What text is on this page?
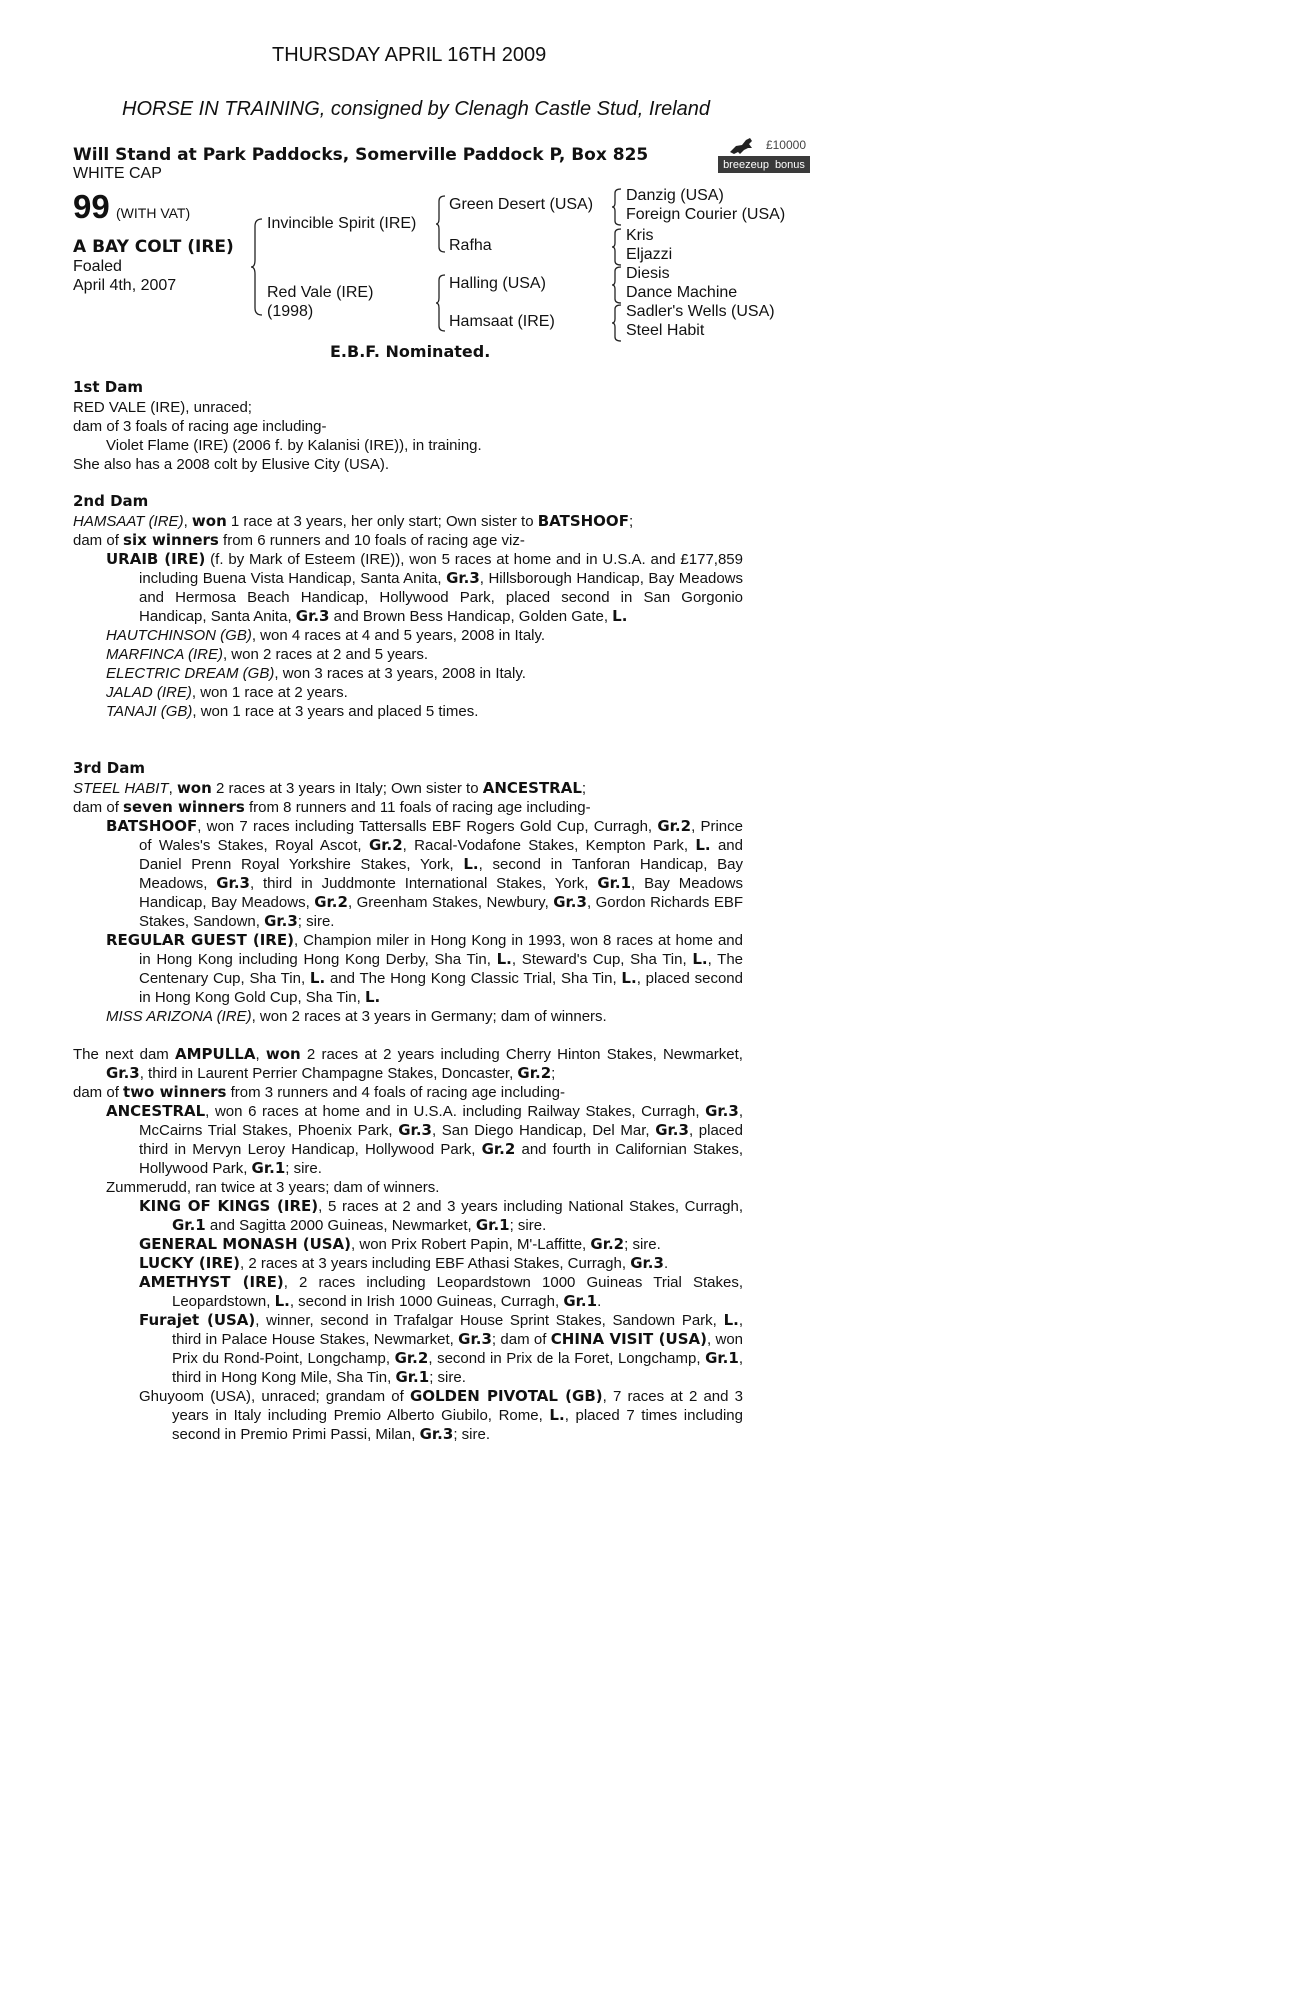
THURSDAY APRIL 16TH 2009
HORSE IN TRAINING, consigned by Clenagh Castle Stud, Ireland
Will Stand at Park Paddocks, Somerville Paddock P, Box 825
WHITE CAP
99 (WITH VAT)
A BAY COLT (IRE)
Foaled
April 4th, 2007
£10000
breezeup bonus
Invincible Spirit (IRE)
Red Vale (IRE)
(1998)
Green Desert (USA)
Rafha
Halling (USA)
Hamsaat (IRE)
Danzig (USA)
Foreign Courier (USA)
Kris
Eljazzi
Diesis
Dance Machine
Sadler's Wells (USA)
Steel Habit
E.B.F. Nominated.
1st Dam

RED VALE (IRE), unraced;

dam of 3 foals of racing age including-

Violet Flame (IRE) (2006 f. by Kalanisi (IRE)), in training.

She also has a 2008 colt by Elusive City (USA).

2nd Dam

HAMSAAT (IRE), won 1 race at 3 years, her only start; Own sister to BATSHOOF;

dam of six winners from 6 runners and 10 foals of racing age viz-

URAIB (IRE) (f. by Mark of Esteem (IRE)), won 5 races at home and in U.S.A. and £177,859 including Buena Vista Handicap, Santa Anita, Gr.3, Hillsborough Handicap, Bay Meadows and Hermosa Beach Handicap, Hollywood Park, placed second in San Gorgonio Handicap, Santa Anita, Gr.3 and Brown Bess Handicap, Golden Gate, L.

HAUTCHINSON (GB), won 4 races at 4 and 5 years, 2008 in Italy.

MARFINCA (IRE), won 2 races at 2 and 5 years.

ELECTRIC DREAM (GB), won 3 races at 3 years, 2008 in Italy.

JALAD (IRE), won 1 race at 2 years.

TANAJI (GB), won 1 race at 3 years and placed 5 times.

3rd Dam

STEEL HABIT, won 2 races at 3 years in Italy; Own sister to ANCESTRAL;

dam of seven winners from 8 runners and 11 foals of racing age including-

BATSHOOF, won 7 races including Tattersalls EBF Rogers Gold Cup, Curragh, Gr.2, Prince of Wales's Stakes, Royal Ascot, Gr.2, Racal-Vodafone Stakes, Kempton Park, L. and Daniel Prenn Royal Yorkshire Stakes, York, L., second in Tanforan Handicap, Bay Meadows, Gr.3, third in Juddmonte International Stakes, York, Gr.1, Bay Meadows Handicap, Bay Meadows, Gr.2, Greenham Stakes, Newbury, Gr.3, Gordon Richards EBF Stakes, Sandown, Gr.3; sire.

REGULAR GUEST (IRE), Champion miler in Hong Kong in 1993, won 8 races at home and in Hong Kong including Hong Kong Derby, Sha Tin, L., Steward's Cup, Sha Tin, L., The Centenary Cup, Sha Tin, L. and The Hong Kong Classic Trial, Sha Tin, L., placed second in Hong Kong Gold Cup, Sha Tin, L.

MISS ARIZONA (IRE), won 2 races at 3 years in Germany; dam of winners.

The next dam AMPULLA, won 2 races at 2 years including Cherry Hinton Stakes, Newmarket, Gr.3, third in Laurent Perrier Champagne Stakes, Doncaster, Gr.2;

dam of two winners from 3 runners and 4 foals of racing age including-

ANCESTRAL, won 6 races at home and in U.S.A. including Railway Stakes, Curragh, Gr.3, McCairns Trial Stakes, Phoenix Park, Gr.3, San Diego Handicap, Del Mar, Gr.3, placed third in Mervyn Leroy Handicap, Hollywood Park, Gr.2 and fourth in Californian Stakes, Hollywood Park, Gr.1; sire.

Zummerudd, ran twice at 3 years; dam of winners.

KING OF KINGS (IRE), 5 races at 2 and 3 years including National Stakes, Curragh, Gr.1 and Sagitta 2000 Guineas, Newmarket, Gr.1; sire.

GENERAL MONASH (USA), won Prix Robert Papin, M'-Laffitte, Gr.2; sire.

LUCKY (IRE), 2 races at 3 years including EBF Athasi Stakes, Curragh, Gr.3.

AMETHYST (IRE), 2 races including Leopardstown 1000 Guineas Trial Stakes, Leopardstown, L., second in Irish 1000 Guineas, Curragh, Gr.1.

Furajet (USA), winner, second in Trafalgar House Sprint Stakes, Sandown Park, L., third in Palace House Stakes, Newmarket, Gr.3; dam of CHINA VISIT (USA), won Prix du Rond-Point, Longchamp, Gr.2, second in Prix de la Foret, Longchamp, Gr.1, third in Hong Kong Mile, Sha Tin, Gr.1; sire.

Ghuyoom (USA), unraced; grandam of GOLDEN PIVOTAL (GB), 7 races at 2 and 3 years in Italy including Premio Alberto Giubilo, Rome, L., placed 7 times including second in Premio Primi Passi, Milan, Gr.3; sire.
